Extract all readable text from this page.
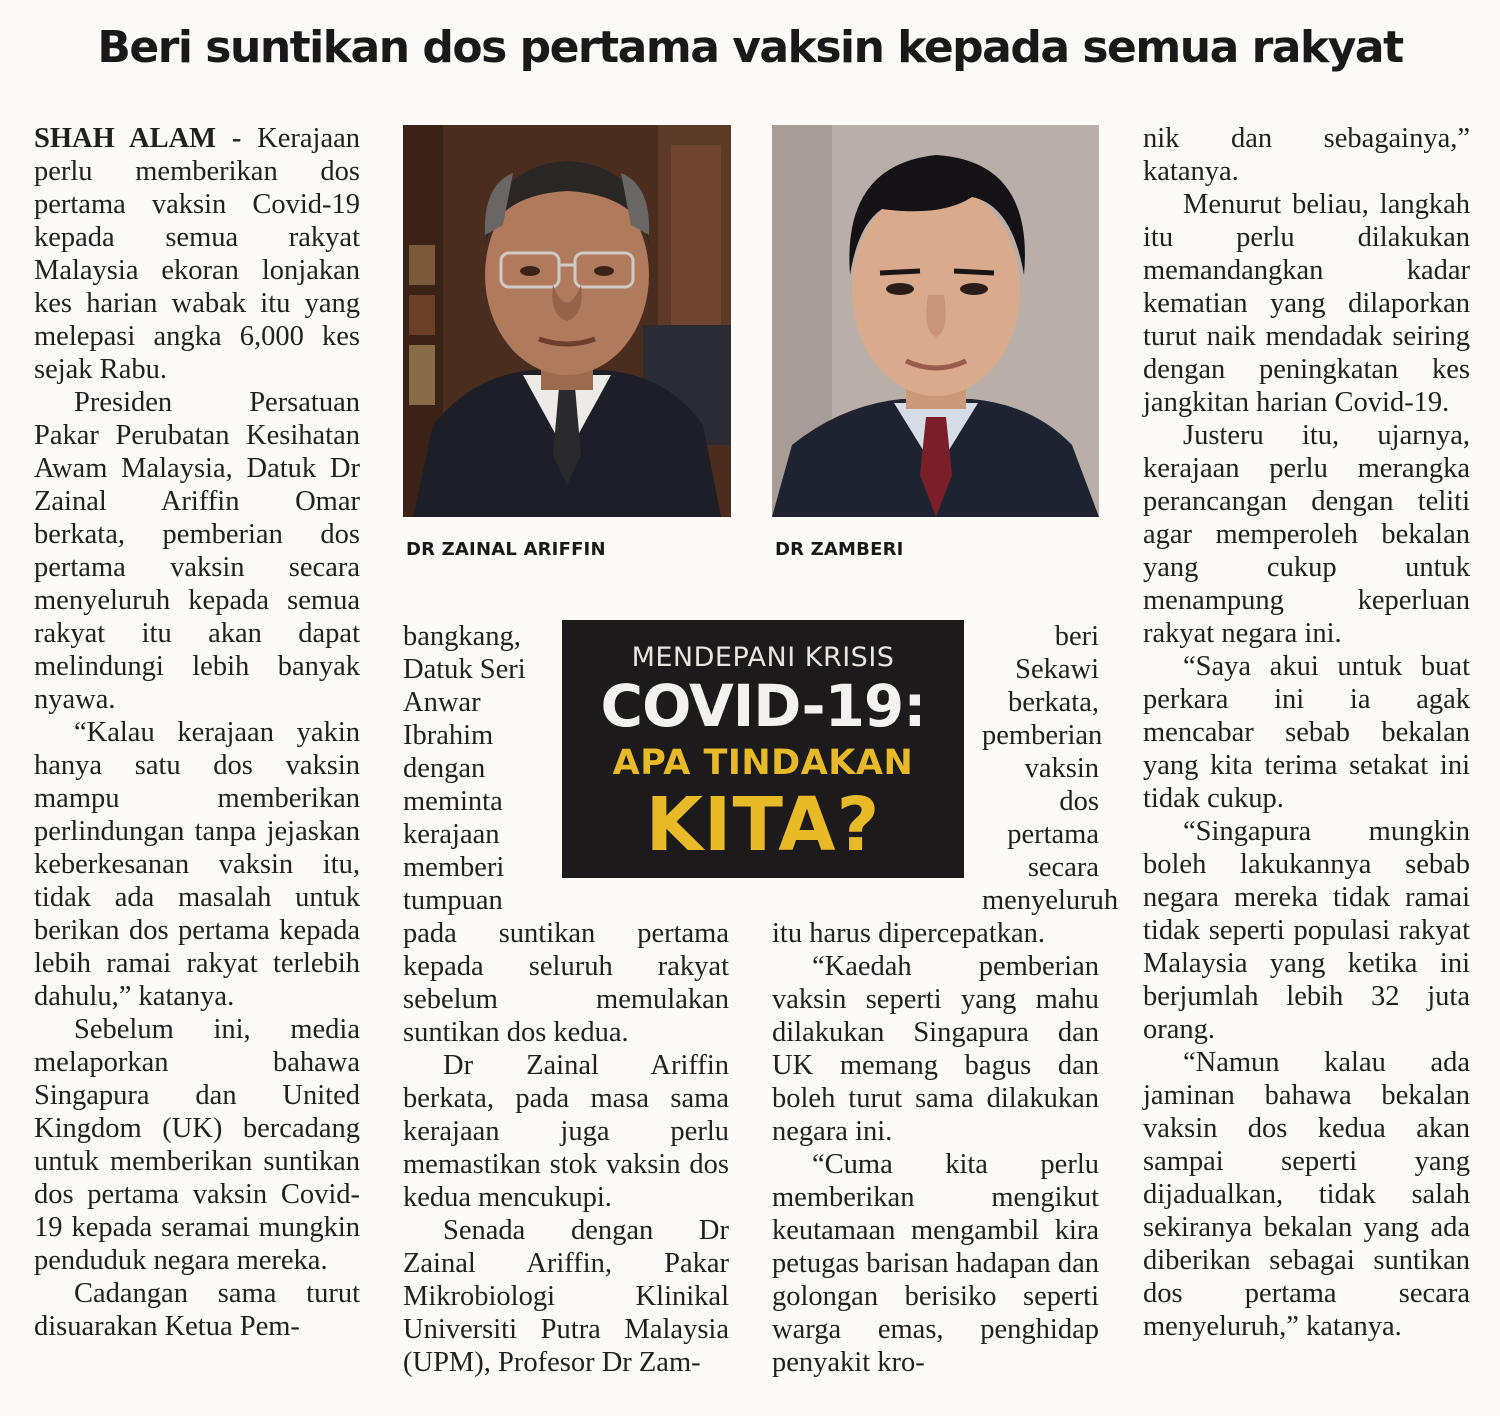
Beri suntikan dos pertama vaksin kepada semua rakyat

SHAH ALAM - Kerajaan perlu memberikan dos pertama vaksin Covid-19 kepada semua rakyat Malaysia ekoran lonjakan kes harian wabak itu yang melepasi angka 6,000 kes sejak Rabu.

Presiden Persatuan Pakar Perubatan Kesihatan Awam Malaysia, Datuk Dr Zainal Ariffin Omar berkata, pemberian dos pertama vaksin secara menyeluruh kepada semua rakyat itu akan dapat melindungi lebih banyak nyawa.

“Kalau kerajaan yakin hanya satu dos vaksin mampu memberikan perlindungan tanpa jejaskan keberkesanan vaksin itu, tidak ada masalah untuk berikan dos pertama kepada lebih ramai rakyat terlebih dahulu,” katanya.

Sebelum ini, media melaporkan bahawa Singapura dan United Kingdom (UK) bercadang untuk memberikan suntikan dos pertama vaksin Covid-19 kepada seramai mungkin penduduk negara mereka.

Cadangan sama turut disuarakan Ketua Pem-

DR ZAINAL ARIFFIN	DR ZAMBERI

bangkang, Datuk Seri Anwar Ibrahim dengan meminta kerajaan memberi tumpuan

pada suntikan pertama kepada seluruh rakyat sebelum memulakan suntikan dos kedua.

Dr Zainal Ariffin berkata, pada masa sama kerajaan juga perlu memastikan stok vaksin dos kedua mencukupi.

Senada dengan Dr Zainal Ariffin, Pakar Mikrobiologi Klinikal Universiti Putra Malaysia (UPM), Profesor Dr Zam-

MENDEPANI KRISIS
COVID-19:
APA TINDAKAN
KITA?

beri Sekawi berkata, pemberian vaksin dos pertama secara menyeluruh

itu harus dipercepatkan.

“Kaedah pemberian vaksin seperti yang mahu dilakukan Singapura dan UK memang bagus dan boleh turut sama dilakukan negara ini.

“Cuma kita perlu memberikan mengikut keutamaan mengambil kira petugas barisan hadapan dan golongan berisiko seperti warga emas, penghidap penyakit kro-

nik dan sebagainya,” katanya.

Menurut beliau, langkah itu perlu dilakukan memandangkan kadar kematian yang dilaporkan turut naik mendadak seiring dengan peningkatan kes jangkitan harian Covid-19.

Justeru itu, ujarnya, kerajaan perlu merangka perancangan dengan teliti agar memperoleh bekalan yang cukup untuk menampung keperluan rakyat negara ini.

“Saya akui untuk buat perkara ini ia agak mencabar sebab bekalan yang kita terima setakat ini tidak cukup.

“Singapura mungkin boleh lakukannya sebab negara mereka tidak ramai tidak seperti populasi rakyat Malaysia yang ketika ini berjumlah lebih 32 juta orang.

“Namun kalau ada jaminan bahawa bekalan vaksin dos kedua akan sampai seperti yang dijadualkan, tidak salah sekiranya bekalan yang ada diberikan sebagai suntikan dos pertama secara menyeluruh,” katanya.
